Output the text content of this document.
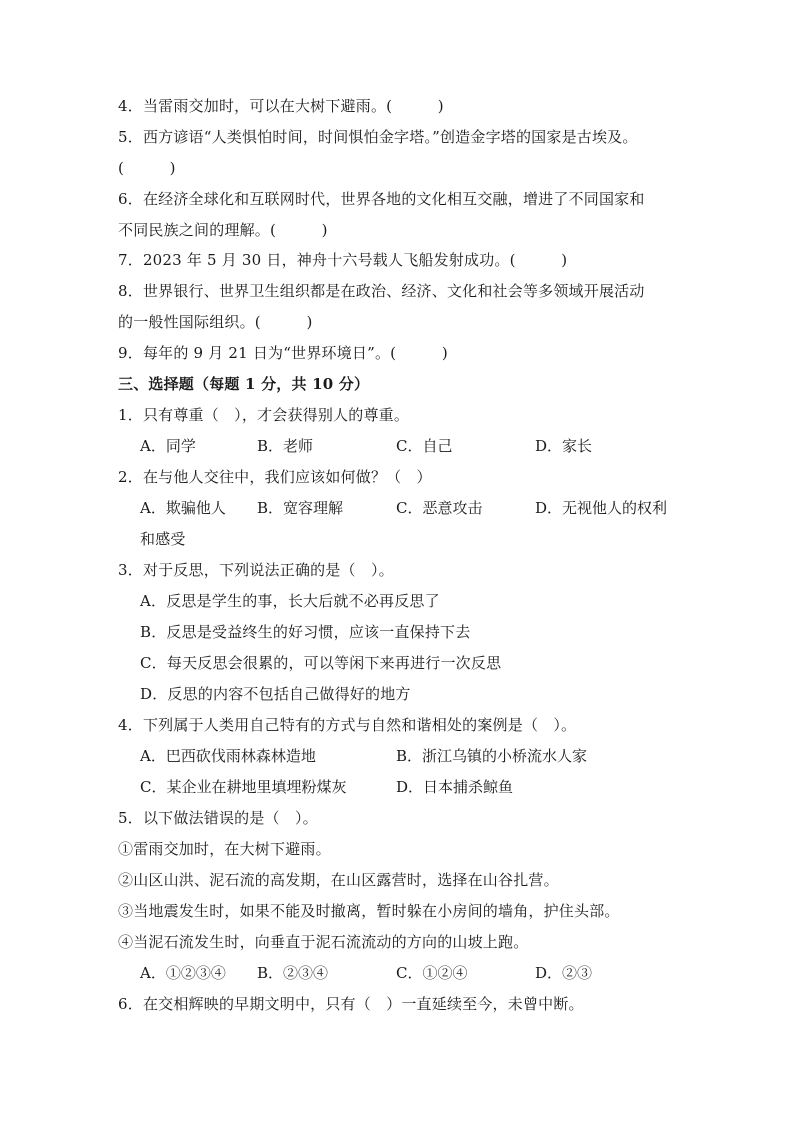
4．当雷雨交加时，可以在大树下避雨。(　　　)
5．西方谚语“人类惧怕时间，时间惧怕金字塔。”创造金字塔的国家是古埃及。
(　　　)
6．在经济全球化和互联网时代，世界各地的文化相互交融，增进了不同国家和
不同民族之间的理解。(　　　)
7．2023 年 5 月 30 日，神舟十六号载人飞船发射成功。(　　　)
8．世界银行、世界卫生组织都是在政治、经济、文化和社会等多领域开展活动
的一般性国际组织。(　　　)
9．每年的 9 月 21 日为“世界环境日”。(　　　)
三、选择题（每题 1 分，共 10 分）
1．只有尊重（　），才会获得别人的尊重。
A．同学	B．老师	C．自己	D．家长
2．在与他人交往中，我们应该如何做？（　）
A．欺骗他人 B．宽容理解	C．恶意攻击	D．无视他人的权利
和感受
3．对于反思，下列说法正确的是（　）。
A．反思是学生的事，长大后就不必再反思了
B．反思是受益终生的好习惯，应该一直保持下去
C．每天反思会很累的，可以等闲下来再进行一次反思
D．反思的内容不包括自己做得好的地方
4．下列属于人类用自己特有的方式与自然和谐相处的案例是（　）。
A．巴西砍伐雨林森林造地	B．浙江乌镇的小桥流水人家
C．某企业在耕地里填埋粉煤灰	D．日本捕杀鲸鱼
5．以下做法错误的是（　）。
①雷雨交加时，在大树下避雨。
②山区山洪、泥石流的高发期，在山区露营时，选择在山谷扎营。
③当地震发生时，如果不能及时撤离，暂时躲在小房间的墙角，护住头部。
④当泥石流发生时，向垂直于泥石流流动的方向的山坡上跑。
A．①②③④ B．②③④	C．①②④	D．②③
6．在交相辉映的早期文明中，只有（　）一直延续至今，未曾中断。
